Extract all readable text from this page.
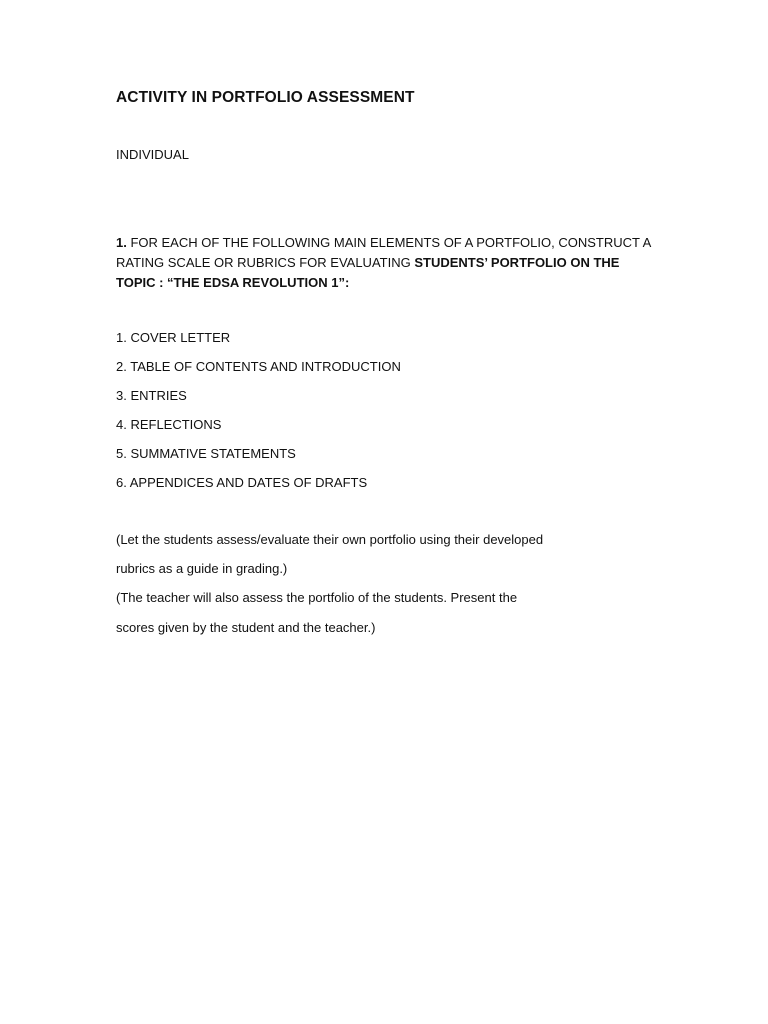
ACTIVITY IN PORTFOLIO ASSESSMENT
INDIVIDUAL
1. FOR EACH OF THE FOLLOWING MAIN ELEMENTS OF A PORTFOLIO, CONSTRUCT A RATING SCALE OR RUBRICS FOR EVALUATING STUDENTS’ PORTFOLIO ON THE TOPIC : “THE EDSA REVOLUTION 1”:
1. COVER LETTER
2. TABLE OF CONTENTS AND INTRODUCTION
3. ENTRIES
4. REFLECTIONS
5. SUMMATIVE STATEMENTS
6. APPENDICES AND DATES OF DRAFTS
(Let the students assess/evaluate their own portfolio using their developed
rubrics as a guide in grading.)
(The teacher will also assess the portfolio of the students. Present the
scores given by the student and the teacher.)
